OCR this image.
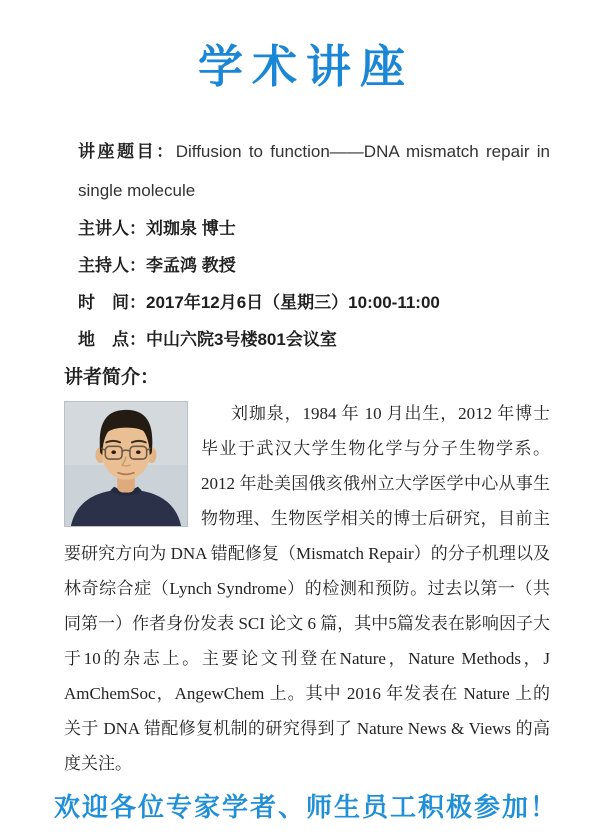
学术讲座

讲座题目：Diffusion to function——DNA mismatch repair in single molecule

主讲人：刘珈泉 博士

主持人：李孟鸿 教授

时　间：2017年12月6日（星期三）10:00-11:00

地　点：中山六院3号楼801会议室

讲者简介：

刘珈泉，1984 年 10 月出生，2012 年博士毕业于武汉大学生物化学与分子生物学系。2012 年赴美国俄亥俄州立大学医学中心从事生物物理、生物医学相关的博士后研究，目前主要研究方向为 DNA 错配修复（Mismatch Repair）的分子机理以及林奇综合症（Lynch Syndrome）的检测和预防。过去以第一（共同第一）作者身份发表 SCI 论文 6 篇，其中5篇发表在影响因子大于10的杂志上。主要论文刊登在Nature，Nature Methods，J AmChemSoc，AngewChem 上。其中 2016 年发表在 Nature 上的关于 DNA 错配修复机制的研究得到了 Nature News & Views 的高度关注。

欢迎各位专家学者、师生员工积极参加！
